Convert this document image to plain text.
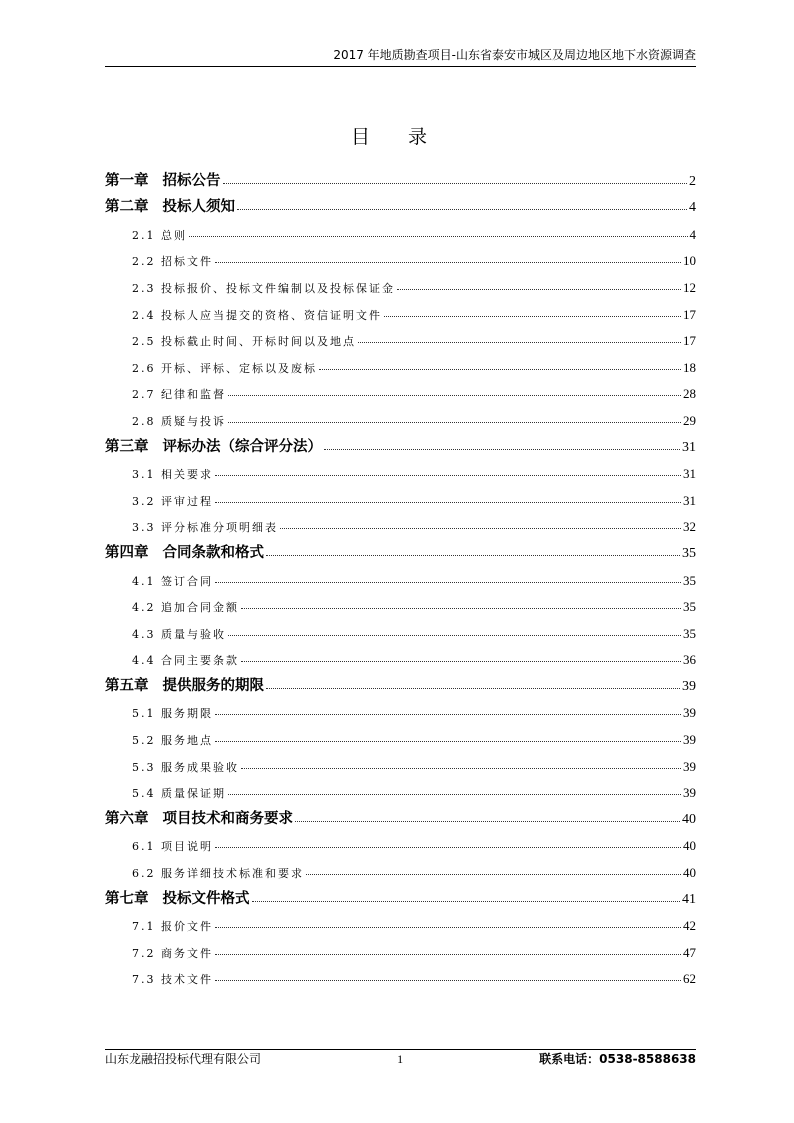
2017 年地质勘查项目-山东省泰安市城区及周边地区地下水资源调查
目 录
第一章 招标公告	2
第二章 投标人须知	4
2.1 总则	4
2.2 招标文件	10
2.3 投标报价、投标文件编制以及投标保证金	12
2.4 投标人应当提交的资格、资信证明文件	17
2.5 投标截止时间、开标时间以及地点	17
2.6 开标、评标、定标以及废标	18
2.7 纪律和监督	28
2.8 质疑与投诉	29
第三章 评标办法（综合评分法）	31
3.1 相关要求	31
3.2 评审过程	31
3.3 评分标准分项明细表	32
第四章 合同条款和格式	35
4.1 签订合同	35
4.2 追加合同金额	35
4.3 质量与验收	35
4.4 合同主要条款	36
第五章 提供服务的期限	39
5.1 服务期限	39
5.2 服务地点	39
5.3 服务成果验收	39
5.4 质量保证期	39
第六章 项目技术和商务要求	40
6.1 项目说明	40
6.2 服务详细技术标准和要求	40
第七章 投标文件格式	41
7.1 报价文件	42
7.2 商务文件	47
7.3 技术文件	62
山东龙融招投标代理有限公司	1	联系电话：0538-8588638
